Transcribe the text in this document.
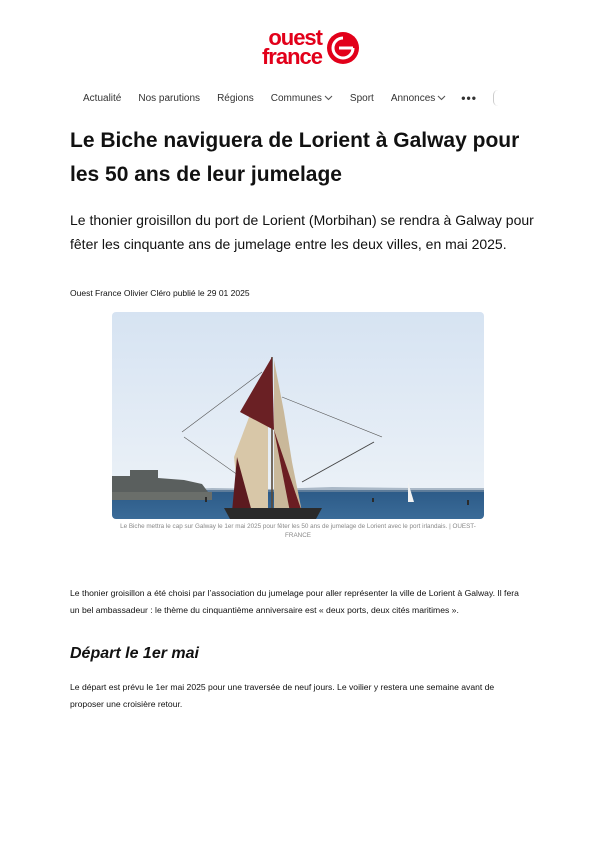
ouest
france
Actualité Nos parutions Régions Communes	Sport Annonces •••
Le Biche naviguera de Lorient à Galway pour les 50 ans de leur jumelage

Le thonier groisillon du port de Lorient (Morbihan) se rendra à Galway pour fêter les cinquante ans de jumelage entre les deux villes, en mai 2025.

Ouest France Olivier Cléro publié le 29 01 2025
Le Biche mettra le cap sur Galway le 1er mai 2025 pour fêter les 50 ans de jumelage de Lorient avec le port irlandais. | OUEST-FRANCE

Le thonier groisillon a été choisi par l’association du jumelage pour aller représenter la ville de Lorient à Galway. Il fera un bel ambassadeur : le thème du cinquantième anniversaire est « deux ports, deux cités maritimes ».

Départ le 1er mai

Le départ est prévu le 1er mai 2025 pour une traversée de neuf jours. Le voilier y restera une semaine avant de proposer une croisière retour.
